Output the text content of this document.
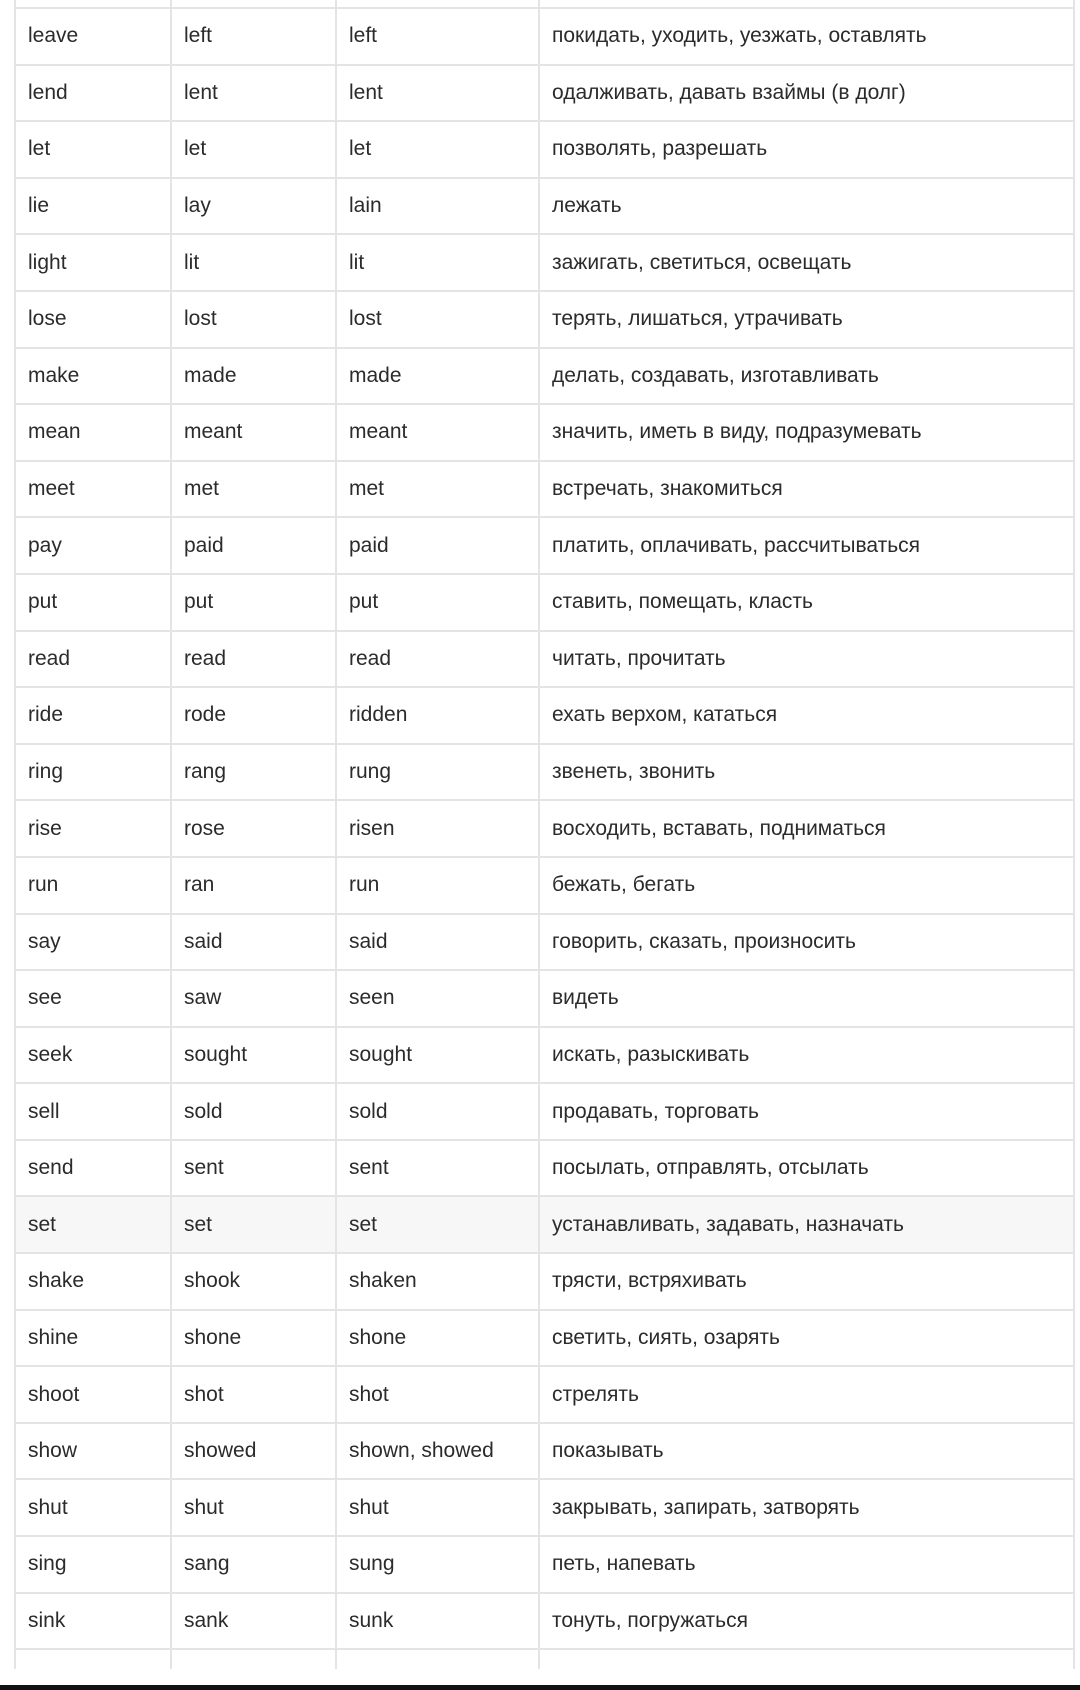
leave	left	left	покидать, уходить, уезжать, оставлять
lend	lent	lent	одалживать, давать взаймы (в долг)
let	let	let	позволять, разрешать
lie	lay	lain	лежать
light	lit	lit	зажигать, светиться, освещать
lose	lost	lost	терять, лишаться, утрачивать
make	made	made	делать, создавать, изготавливать
mean	meant	meant	значить, иметь в виду, подразумевать
meet	met	met	встречать, знакомиться
pay	paid	paid	платить, оплачивать, рассчитываться
put	put	put	ставить, помещать, класть
read	read	read	читать, прочитать
ride	rode	ridden	ехать верхом, кататься
ring	rang	rung	звенеть, звонить
rise	rose	risen	восходить, вставать, подниматься
run	ran	run	бежать, бегать
say	said	said	говорить, сказать, произносить
see	saw	seen	видеть
seek	sought	sought	искать, разыскивать
sell	sold	sold	продавать, торговать
send	sent	sent	посылать, отправлять, отсылать
set	set	set	устанавливать, задавать, назначать
shake	shook	shaken	трясти, встряхивать
shine	shone	shone	светить, сиять, озарять
shoot	shot	shot	стрелять
show	showed	shown, showed	показывать
shut	shut	shut	закрывать, запирать, затворять
sing	sang	sung	петь, напевать
sink	sank	sunk	тонуть, погружаться
